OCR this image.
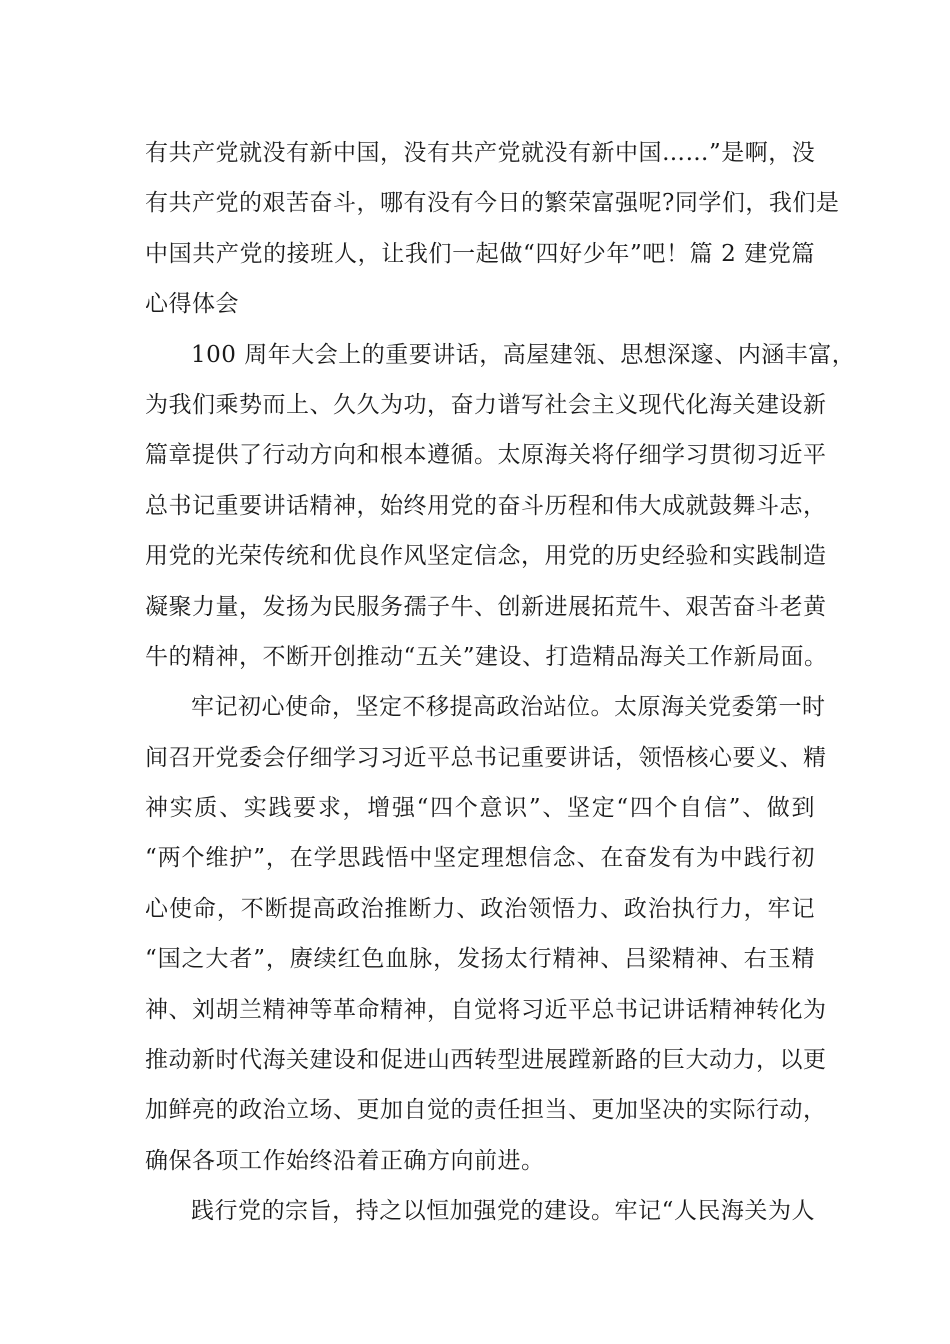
有共产党就没有新中国，没有共产党就没有新中国……”是啊，没
有共产党的艰苦奋斗，哪有没有今日的繁荣富强呢?同学们，我们是
中国共产党的接班人，让我们一起做“四好少年”吧！篇 2 建党篇
心得体会
100 周年大会上的重要讲话，高屋建瓴、思想深邃、内涵丰富，
为我们乘势而上、久久为功，奋力谱写社会主义现代化海关建设新
篇章提供了行动方向和根本遵循。太原海关将仔细学习贯彻习近平
总书记重要讲话精神，始终用党的奋斗历程和伟大成就鼓舞斗志，
用党的光荣传统和优良作风坚定信念，用党的历史经验和实践制造
凝聚力量，发扬为民服务孺子牛、创新进展拓荒牛、艰苦奋斗老黄
牛的精神，不断开创推动“五关”建设、打造精品海关工作新局面。
牢记初心使命，坚定不移提高政治站位。太原海关党委第一时
间召开党委会仔细学习习近平总书记重要讲话，领悟核心要义、精
神实质、实践要求，增强“四个意识”、坚定“四个自信”、做到
“两个维护”，在学思践悟中坚定理想信念、在奋发有为中践行初
心使命，不断提高政治推断力、政治领悟力、政治执行力，牢记
“国之大者”，赓续红色血脉，发扬太行精神、吕梁精神、右玉精
神、刘胡兰精神等革命精神，自觉将习近平总书记讲话精神转化为
推动新时代海关建设和促进山西转型进展蹚新路的巨大动力，以更
加鲜亮的政治立场、更加自觉的责任担当、更加坚决的实际行动，
确保各项工作始终沿着正确方向前进。
践行党的宗旨，持之以恒加强党的建设。牢记“人民海关为人
